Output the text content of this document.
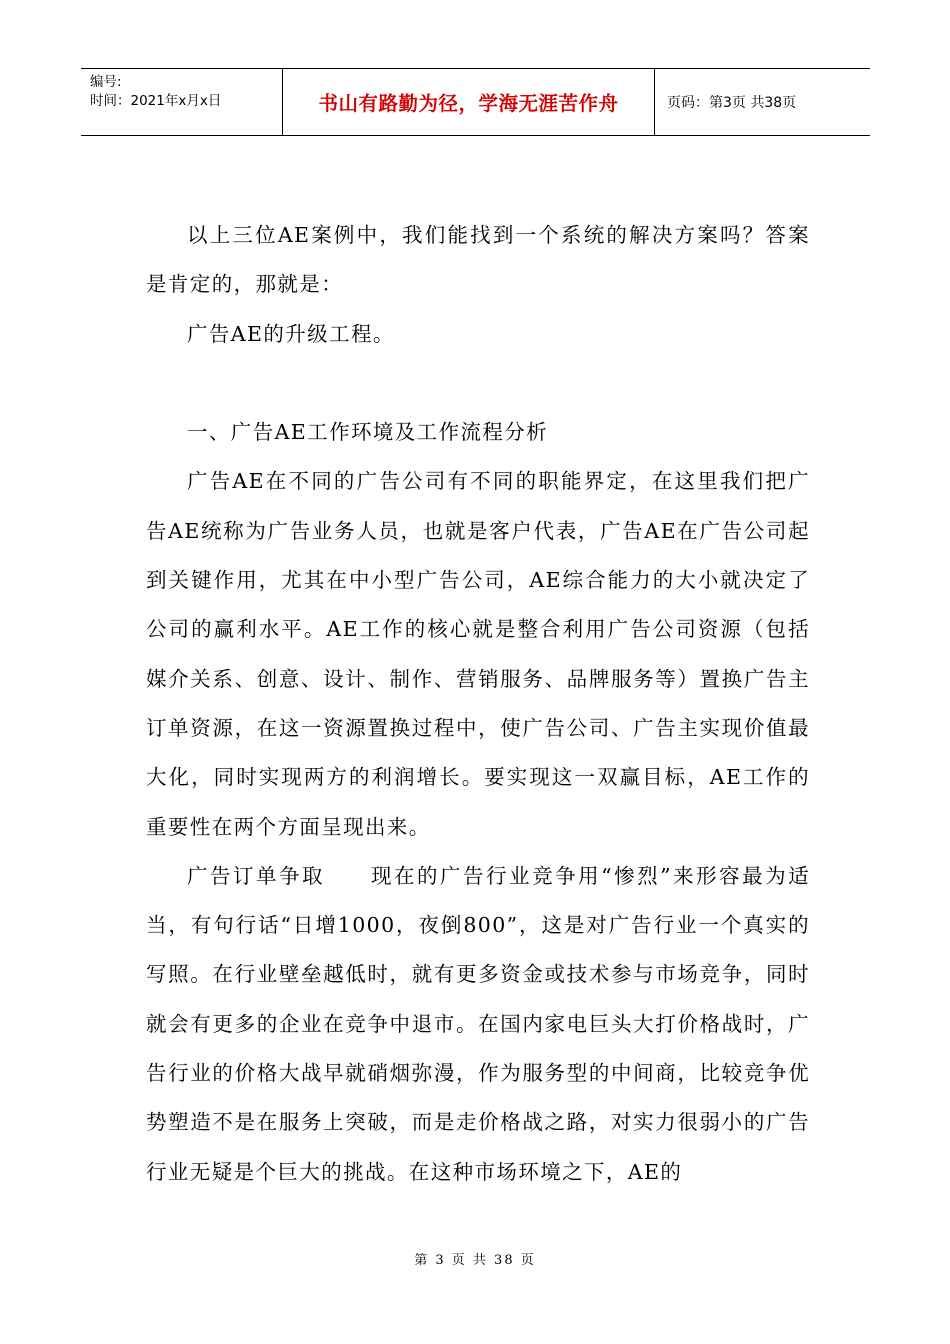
编号:
时间：2021年x月x日	书山有路勤为径，学海无涯苦作舟	页码：第3页 共38页

以上三位AE案例中，我们能找到一个系统的解决方案吗？答案是肯定的，那就是：

广告AE的升级工程。

一、广告AE工作环境及工作流程分析

广告AE在不同的广告公司有不同的职能界定，在这里我们把广告AE统称为广告业务人员，也就是客户代表，广告AE在广告公司起到关键作用，尤其在中小型广告公司，AE综合能力的大小就决定了公司的赢利水平。AE工作的核心就是整合利用广告公司资源（包括媒介关系、创意、设计、制作、营销服务、品牌服务等）置换广告主订单资源，在这一资源置换过程中，使广告公司、广告主实现价值最大化，同时实现两方的利润增长。要实现这一双赢目标，AE工作的重要性在两个方面呈现出来。

广告订单争取　　现在的广告行业竞争用“惨烈”来形容最为适当，有句行话“日增1000，夜倒800”，这是对广告行业一个真实的写照。在行业壁垒越低时，就有更多资金或技术参与市场竞争，同时就会有更多的企业在竞争中退市。在国内家电巨头大打价格战时，广告行业的价格大战早就硝烟弥漫，作为服务型的中间商，比较竞争优势塑造不是在服务上突破，而是走价格战之路，对实力很弱小的广告行业无疑是个巨大的挑战。在这种市场环境之下，AE的

第 3 页 共 38 页
